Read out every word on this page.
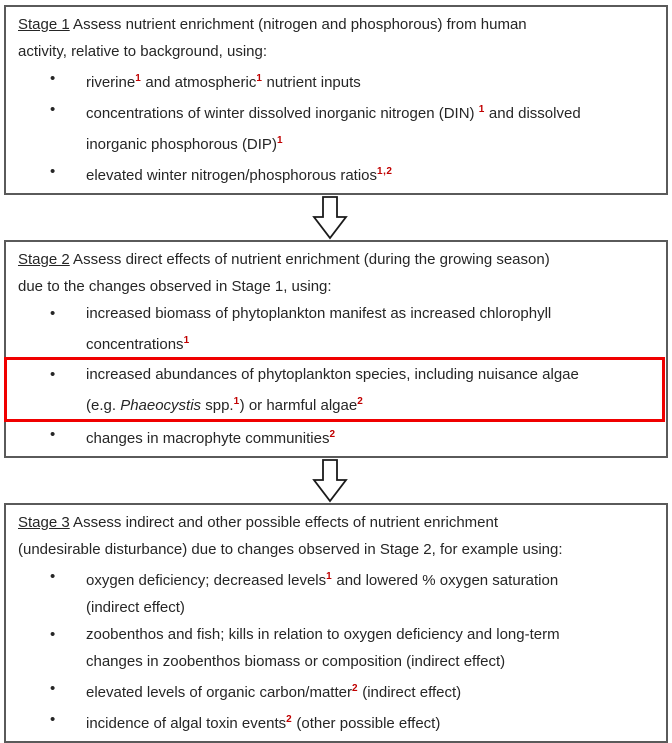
Stage 1 Assess nutrient enrichment (nitrogen and phosphorous) from human
activity, relative to background, using:
• riverine$^1$ and atmospheric$^1$ nutrient inputs
• concentrations of winter dissolved inorganic nitrogen (DIN) $^1$ and dissolved
inorganic phosphorous (DIP)$^1$
• elevated winter nitrogen/phosphorous ratios$^{1,2}$
Stage 2 Assess direct effects of nutrient enrichment (during the growing season)
due to the changes observed in Stage 1, using:
• increased biomass of phytoplankton manifest as increased chlorophyll
concentrations$^1$
• increased abundances of phytoplankton species, including nuisance algae
(e.g. Phaeocystis spp.$^1$) or harmful algae$^2$
• changes in macrophyte communities$^2$
Stage 3 Assess indirect and other possible effects of nutrient enrichment
(undesirable disturbance) due to changes observed in Stage 2, for example using:
• oxygen deficiency; decreased levels$^1$ and lowered % oxygen saturation
(indirect effect)
• zoobenthos and fish; kills in relation to oxygen deficiency and long-term
changes in zoobenthos biomass or composition (indirect effect)
• elevated levels of organic carbon/matter$^2$ (indirect effect)
• incidence of algal toxin events$^2$ (other possible effect)
